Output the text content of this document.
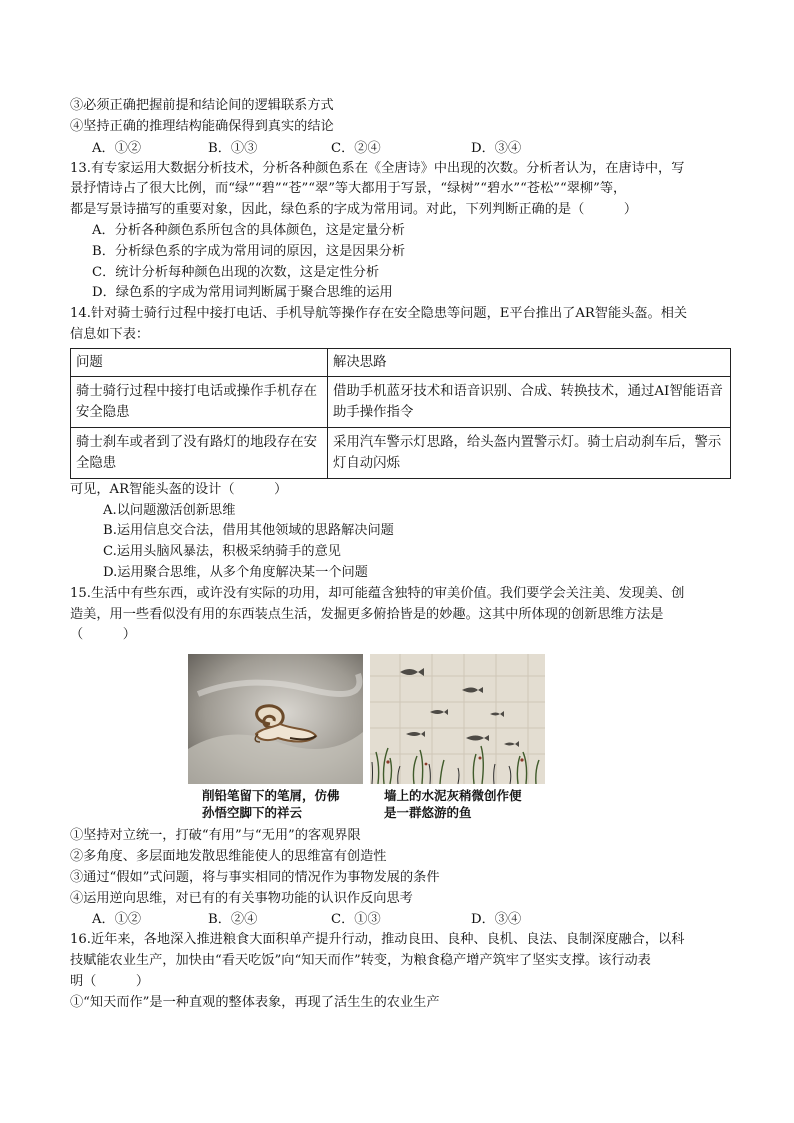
③必须正确把握前提和结论间的逻辑联系方式
④坚持正确的推理结构能确保得到真实的结论
A．①②	B．①③	C．②④	D．③④
13.有专家运用大数据分析技术，分析各种颜色系在《全唐诗》中出现的次数。分析者认为，在唐诗中，写
景抒情诗占了很大比例，而“绿”“碧”“苍”“翠”等大都用于写景，“绿树”“碧水”“苍松”“翠柳”等，
都是写景诗描写的重要对象，因此，绿色系的字成为常用词。对此，下列判断正确的是（　　　）
A．分析各种颜色系所包含的具体颜色，这是定量分析
B．分析绿色系的字成为常用词的原因，这是因果分析
C．统计分析每种颜色出现的次数，这是定性分析
D．绿色系的字成为常用词判断属于聚合思维的运用
14.针对骑士骑行过程中接打电话、手机导航等操作存在安全隐患等问题，E平台推出了AR智能头盔。相关
信息如下表：
问题	解决思路
骑士骑行过程中接打电话或操作手机存在安全隐患	借助手机蓝牙技术和语音识别、合成、转换技术，通过AI智能语音助手操作指令
骑士刹车或者到了没有路灯的地段存在安全隐患	采用汽车警示灯思路，给头盔内置警示灯。骑士启动刹车后，警示灯自动闪烁
可见，AR智能头盔的设计（　　　）
A.以问题激活创新思维
B.运用信息交合法，借用其他领域的思路解决问题
C.运用头脑风暴法，积极采纳骑手的意见
D.运用聚合思维，从多个角度解决某一个问题
15.生活中有些东西，或许没有实际的功用，却可能蕴含独特的审美价值。我们要学会关注美、发现美、创
造美，用一些看似没有用的东西装点生活，发掘更多俯拾皆是的妙趣。这其中所体现的创新思维方法是
（　　　）
削铅笔留下的笔屑，仿佛
孙悟空脚下的祥云
墙上的水泥灰稍微创作便
是一群悠游的鱼
①坚持对立统一，打破“有用”与“无用”的客观界限
②多角度、多层面地发散思维能使人的思维富有创造性
③通过“假如”式问题，将与事实相同的情况作为事物发展的条件
④运用逆向思维，对已有的有关事物功能的认识作反向思考
A．①②	B．②④	C．①③	D．③④
16.近年来，各地深入推进粮食大面积单产提升行动，推动良田、良种、良机、良法、良制深度融合，以科
技赋能农业生产，加快由“看天吃饭”向“知天而作”转变，为粮食稳产增产筑牢了坚实支撑。该行动表
明（　　　）
①“知天而作”是一种直观的整体表象，再现了活生生的农业生产
